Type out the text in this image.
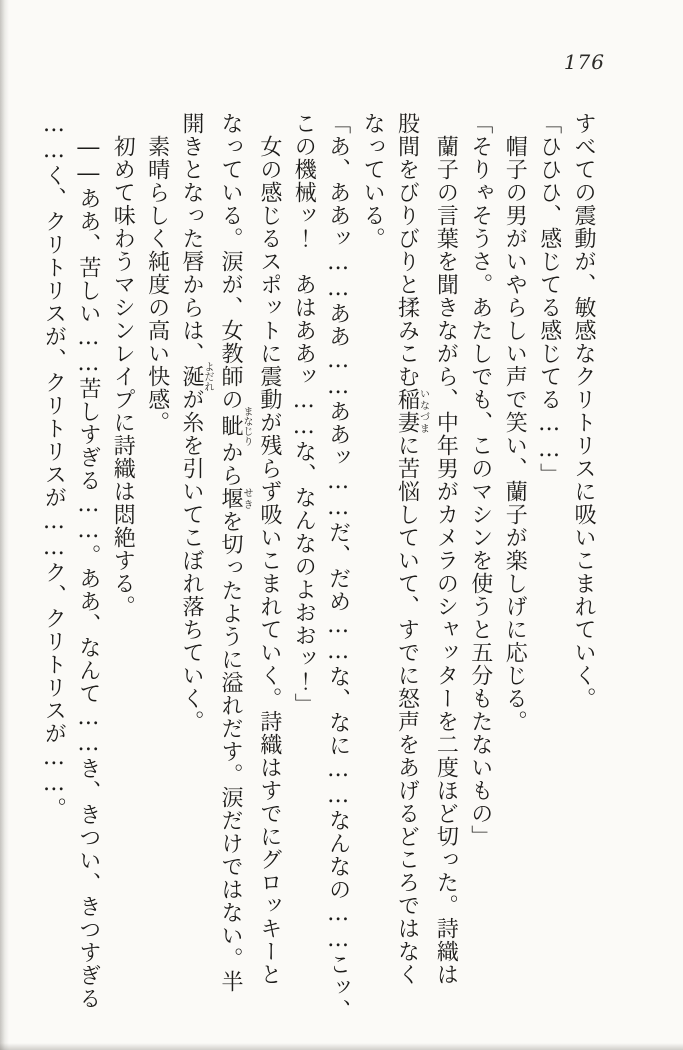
176

すべての震動が、敏感なクリトリスに吸いこまれていく。

「ひひひ、感じてる感じてる……」

帽子の男がいやらしい声で笑い、蘭子が楽しげに応じる。

「そりゃそうさ。あたしでも、このマシンを使うと五分もたないもの」

蘭子の言葉を聞きながら、中年男がカメラのシャッターを二度ほど切った。詩織は

股間をびりびりと揉みこむ稲妻いなづまに苦悩していて、すでに怒声をあげるどころではなく

なっている。

「あ、ああッ……ああ……ああッ……だ、だめ……な、なに……なんなの……こッ、

この機械ッ！　あはああッ……な、なんなのよおおッ！」

女の感じるスポットに震動が残らず吸いこまれていく。詩織はすでにグロッキーと

なっている。涙が、女教師の眦まなじりから堰せきを切ったように溢れだす。涙だけではない。半

開きとなった唇からは、涎よだれが糸を引いてこぼれ落ちていく。

素晴らしく純度の高い快感。

初めて味わうマシンレイプに詩織は悶絶する。

――ああ、苦しい……苦しすぎる……。ああ、なんて……き、きつい、きつすぎる

……く、クリトリスが、クリトリスが……ク、クリトリスが……。
